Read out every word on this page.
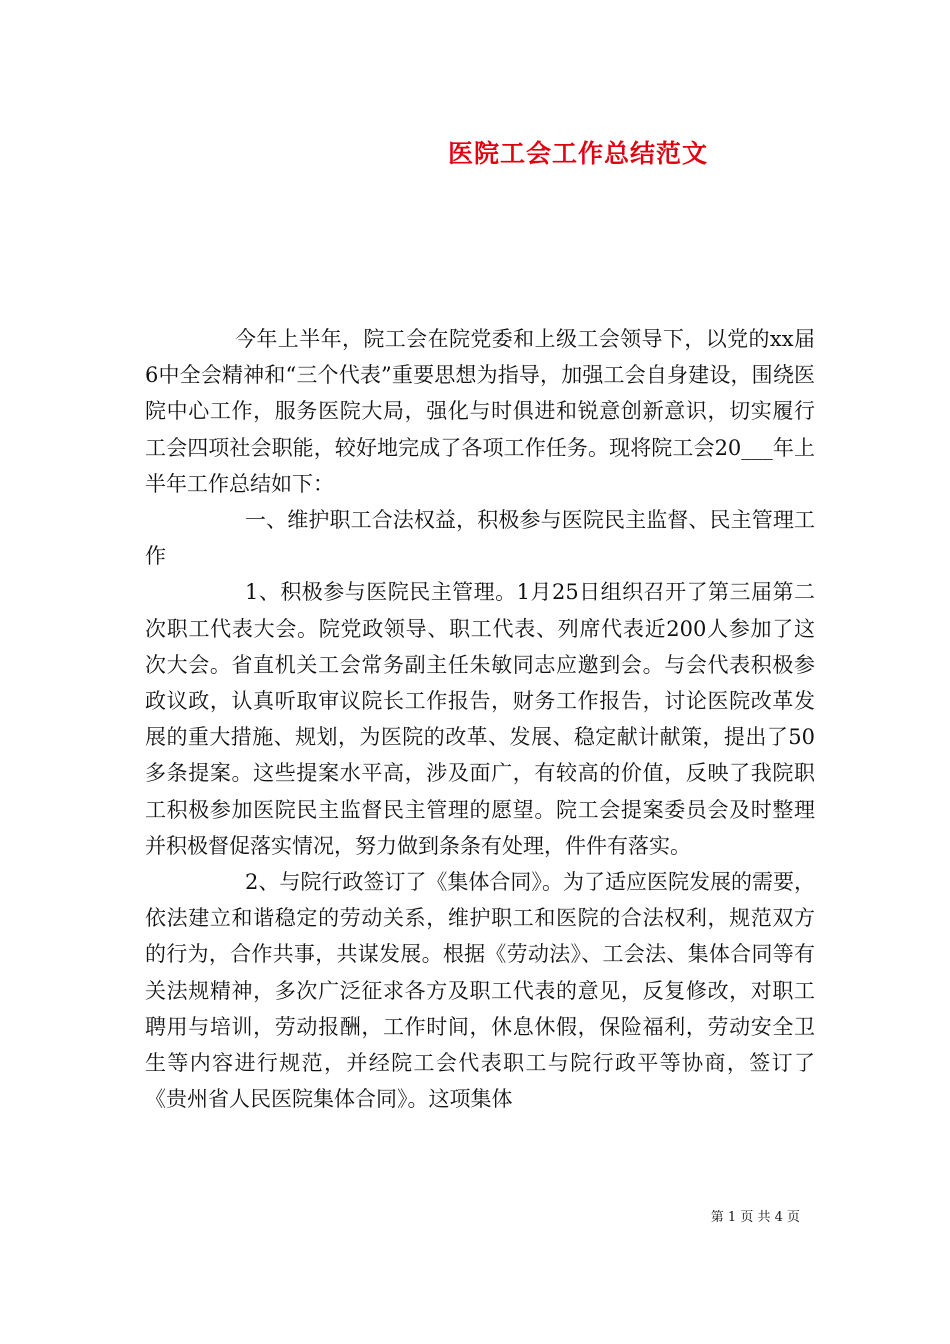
医院工会工作总结范文

今年上半年，院工会在院党委和上级工会领导下，以党的xx届6中全会精神和“三个代表”重要思想为指导，加强工会自身建设，围绕医院中心工作，服务医院大局，强化与时俱进和锐意创新意识，切实履行工会四项社会职能，较好地完成了各项工作任务。现将院工会20___年上半年工作总结如下：

一、维护职工合法权益，积极参与医院民主监督、民主管理工作

1、积极参与医院民主管理。1月25日组织召开了第三届第二次职工代表大会。院党政领导、职工代表、列席代表近200人参加了这次大会。省直机关工会常务副主任朱敏同志应邀到会。与会代表积极参政议政，认真听取审议院长工作报告，财务工作报告，讨论医院改革发展的重大措施、规划，为医院的改革、发展、稳定献计献策，提出了50多条提案。这些提案水平高，涉及面广，有较高的价值，反映了我院职工积极参加医院民主监督民主管理的愿望。院工会提案委员会及时整理并积极督促落实情况，努力做到条条有处理，件件有落实。

2、与院行政签订了《集体合同》。为了适应医院发展的需要，依法建立和谐稳定的劳动关系，维护职工和医院的合法权利，规范双方的行为，合作共事，共谋发展。根据《劳动法》、工会法、集体合同等有关法规精神，多次广泛征求各方及职工代表的意见，反复修改，对职工聘用与培训，劳动报酬，工作时间，休息休假，保险福利，劳动安全卫生等内容进行规范，并经院工会代表职工与院行政平等协商，签订了《贵州省人民医院集体合同》。这项集体

第 1 页 共 4 页
